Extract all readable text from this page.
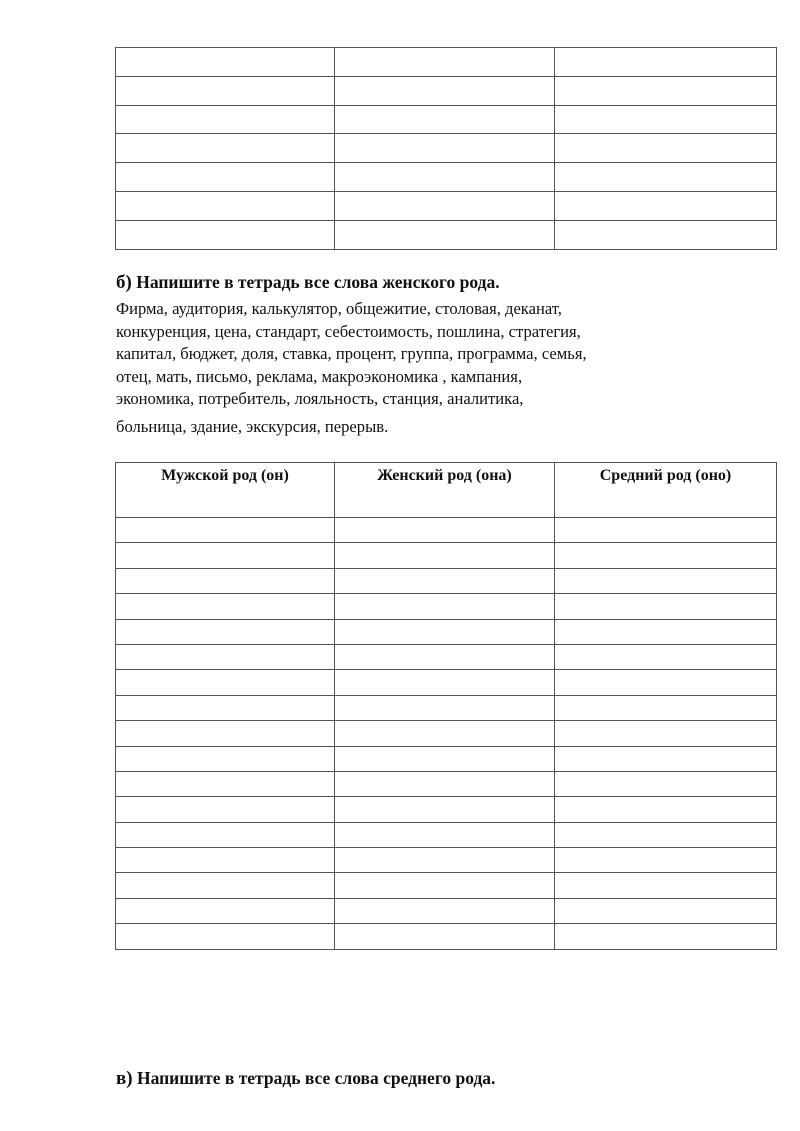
б) Напишите в тетрадь все слова женского рода.

Фирма, аудитория, калькулятор, общежитие, столовая, деканат,
конкуренция, цена, стандарт, себестоимость, пошлина, стратегия,
капитал, бюджет, доля, ставка, процент, группа, программа, семья,
отец, мать, письмо, реклама, макроэкономика , кампания,
экономика, потребитель, лояльность, станция, аналитика,
больница, здание, экскурсия, перерыв.

Мужской род (он)	Женский род (она)	Средний род (оно)

в) Напишите в тетрадь все слова среднего рода.
